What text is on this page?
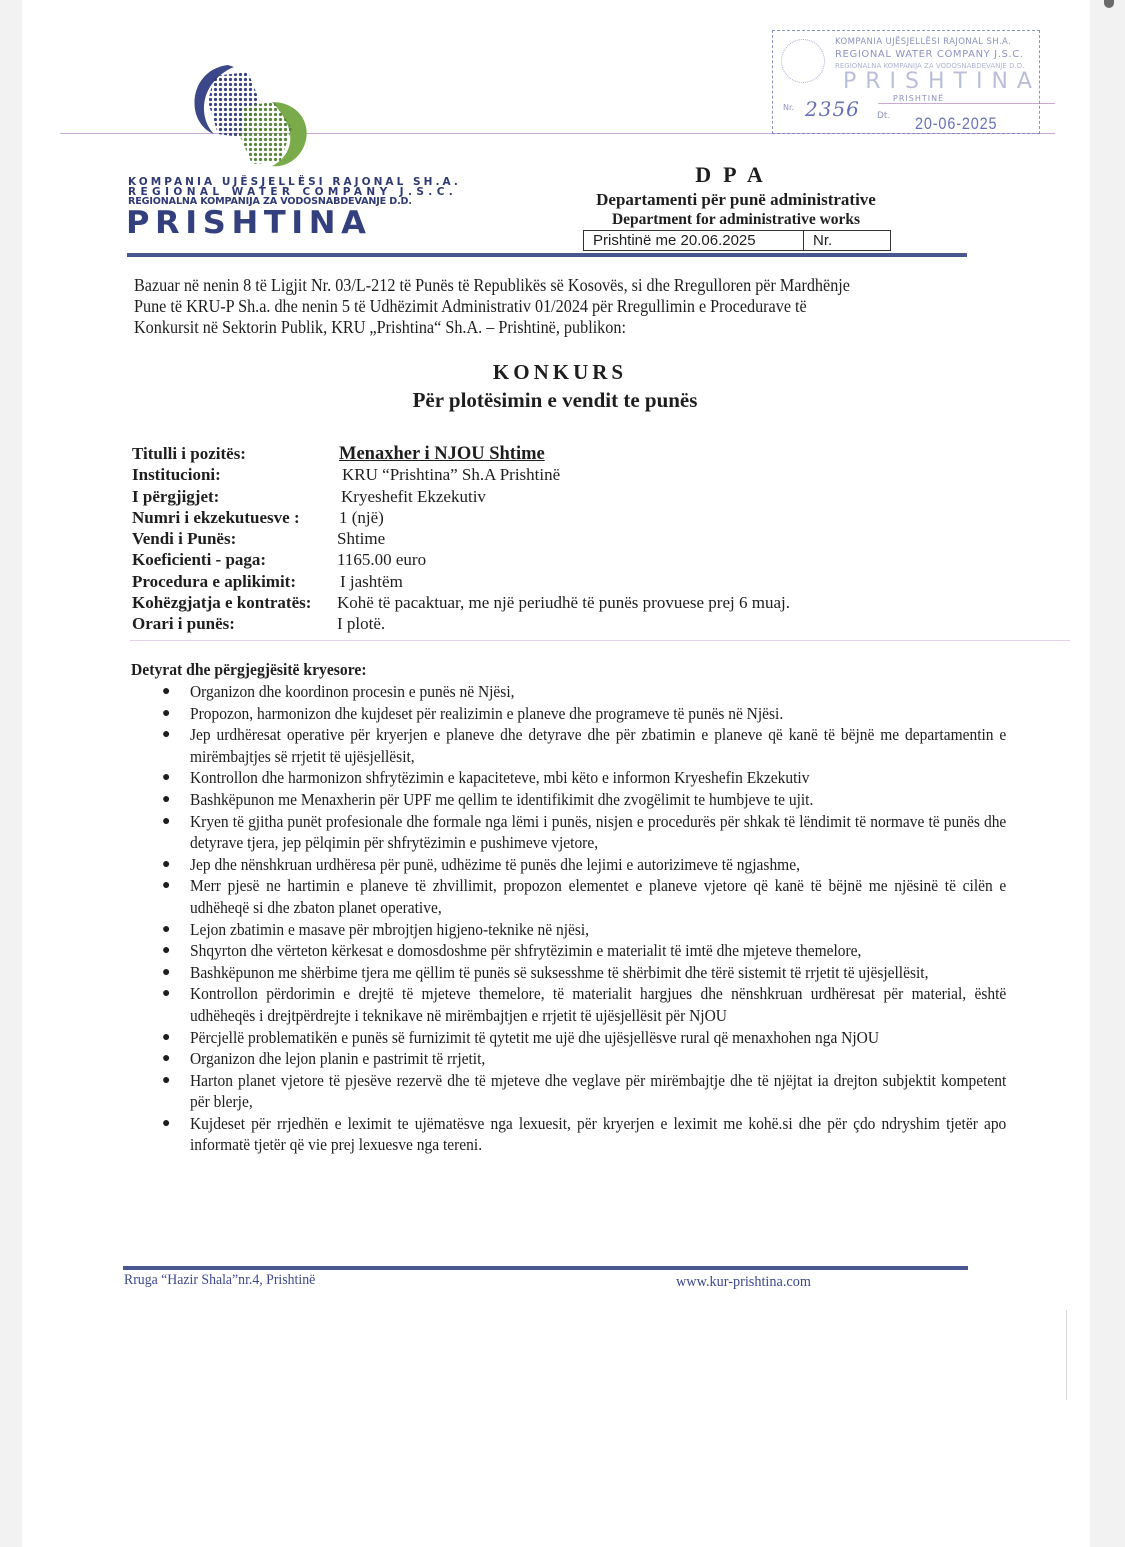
KOMPANIA UJËSJELLËSI RAJONAL SH.A.
REGIONAL WATER COMPANY J.S.C.
REGIONALNA KOMPANIJA ZA VODOSNABDEVANJE D.D.
PRISHTINA
KOMPANIA UJËSJELLËSI RAJONAL SH.A.
REGIONAL WATER COMPANY J.S.C.
REGIONALNA KOMPANIJA ZA VODOSNABDEVANJE D.D.
PRISHTINA
PRISHTINË
Nr. 2356 Dt. 20-06-2025
DPA
Departamenti për punë administrative
Department for administrative works
Prishtinë me 20.06.2025	Nr.
Bazuar në nenin 8 të Ligjit Nr. 03/L-212 të Punës të Republikës së Kosovës, si dhe Rregulloren për Mardhënje
Pune të KRU-P Sh.a. dhe nenin 5 të Udhëzimit Administrativ 01/2024 për Rregullimin e Procedurave të
Konkursit në Sektorin Publik, KRU „Prishtina“ Sh.A. – Prishtinë, publikon:
KONKURS
Për plotësimin e vendit te punës
Titulli i pozitës:	Menaxher i NJOU Shtime
Institucioni:	KRU “Prishtina” Sh.A Prishtinë
I përgjigjet:	Kryeshefit Ekzekutiv
Numri i ekzekutuesve : 1 (një)
Vendi i Punës:	Shtime
Koeficienti - paga:	1165.00 euro
Procedura e aplikimit:	I jashtëm
Kohëzgjatja e kontratës: Kohë të pacaktuar, me një periudhë të punës provuese prej 6 muaj.
Orari i punës:	I plotë.
Detyrat dhe përgjegjësitë kryesore:
● Organizon dhe koordinon procesin e punës në Njësi,
● Propozon, harmonizon dhe kujdeset për realizimin e planeve dhe programeve të punës në Njësi.
● Jep urdhëresat operative për kryerjen e planeve dhe detyrave dhe për zbatimin e planeve që kanë të bëjnë me departamentin e mirëmbajtjes së rrjetit të ujësjellësit,
● Kontrollon dhe harmonizon shfrytëzimin e kapaciteteve, mbi këto e informon Kryeshefin Ekzekutiv
● Bashkëpunon me Menaxherin për UPF me qellim te identifikimit dhe zvogëlimit te humbjeve te ujit.
● Kryen të gjitha punët profesionale dhe formale nga lëmi i punës, nisjen e procedurës për shkak të lëndimit të normave të punës dhe detyrave tjera, jep pëlqimin për shfrytëzimin e pushimeve vjetore,
● Jep dhe nënshkruan urdhëresa për punë, udhëzime të punës dhe lejimi e autorizimeve të ngjashme,
● Merr pjesë ne hartimin e planeve të zhvillimit, propozon elementet e planeve vjetore që kanë të bëjnë me njësinë të cilën e udhëheqë si dhe zbaton planet operative,
● Lejon zbatimin e masave për mbrojtjen higjeno-teknike në njësi,
● Shqyrton dhe vërteton kërkesat e domosdoshme për shfrytëzimin e materialit të imtë dhe mjeteve themelore,
● Bashkëpunon me shërbime tjera me qëllim të punës së suksesshme të shërbimit dhe tërë sistemit të rrjetit të ujësjellësit,
● Kontrollon përdorimin e drejtë të mjeteve themelore, të materialit hargjues dhe nënshkruan urdhëresat për material, është udhëheqës i drejtpërdrejte i teknikave në mirëmbajtjen e rrjetit të ujësjellësit për NjOU
● Përcjellë problematikën e punës së furnizimit të qytetit me ujë dhe ujësjellësve rural që menaxhohen nga NjOU
● Organizon dhe lejon planin e pastrimit të rrjetit,
● Harton planet vjetore të pjesëve rezervë dhe të mjeteve dhe veglave për mirëmbajtje dhe të njëjtat ia drejton subjektit kompetent për blerje,
● Kujdeset për rrjedhën e leximit te ujëmatësve nga lexuesit, për kryerjen e leximit me kohë.si dhe për çdo ndryshim tjetër apo informatë tjetër që vie prej lexuesve nga tereni.
Rruga “Hazir Shala”nr.4, Prishtinë	www.kur-prishtina.com
